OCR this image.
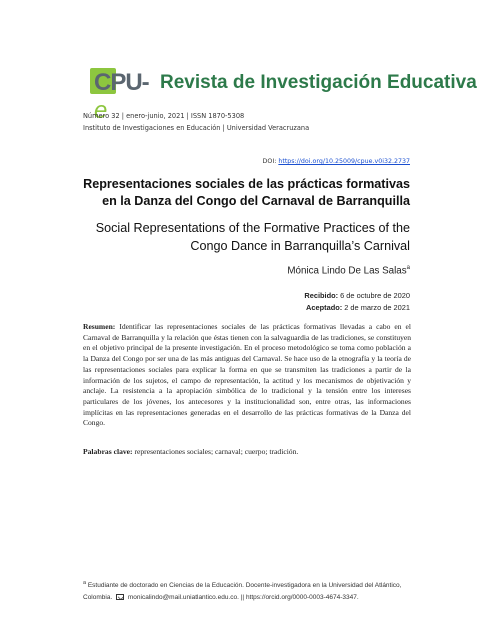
CPU-e
Revista de Investigación Educativa
Número 32 | enero-junio, 2021 | ISSN 1870-5308
Instituto de Investigaciones en Educación | Universidad Veracruzana
DOI: https://doi.org/10.25009/cpue.v0i32.2737
Representaciones sociales de las prácticas formativas en la Danza del Congo del Carnaval de Barranquilla
Social Representations of the Formative Practices of the Congo Dance in Barranquilla’s Carnival
Mónica Lindo De Las Salas$^a$
Recibido: 6 de octubre de 2020
Aceptado: 2 de marzo de 2021
Resumen: Identificar las representaciones sociales de las prácticas formativas llevadas a cabo en el Carnaval de Barranquilla y la relación que éstas tienen con la salvaguardia de las tradiciones, se constituyen en el objetivo principal de la presente investigación. En el proceso metodológico se toma como población a la Danza del Congo por ser una de las más antiguas del Carnaval. Se hace uso de la etnografía y la teoría de las representaciones sociales para explicar la forma en que se transmiten las tradiciones a partir de la información de los sujetos, el campo de representación, la actitud y los mecanismos de objetivación y anclaje. La resistencia a la apropiación simbólica de lo tradicional y la tensión entre los intereses particulares de los jóvenes, los antecesores y la institucionalidad son, entre otras, las informaciones implícitas en las representaciones generadas en el desarrollo de las prácticas formativas de la Danza del Congo.
Palabras clave: representaciones sociales; carnaval; cuerpo; tradición.
$^a$ Estudiante de doctorado en Ciencias de la Educación. Docente-investigadora en la Universidad del Atlántico, Colombia. monicalindo@mail.uniatlantico.edu.co. || https://orcid.org/0000-0003-4674-3347.
